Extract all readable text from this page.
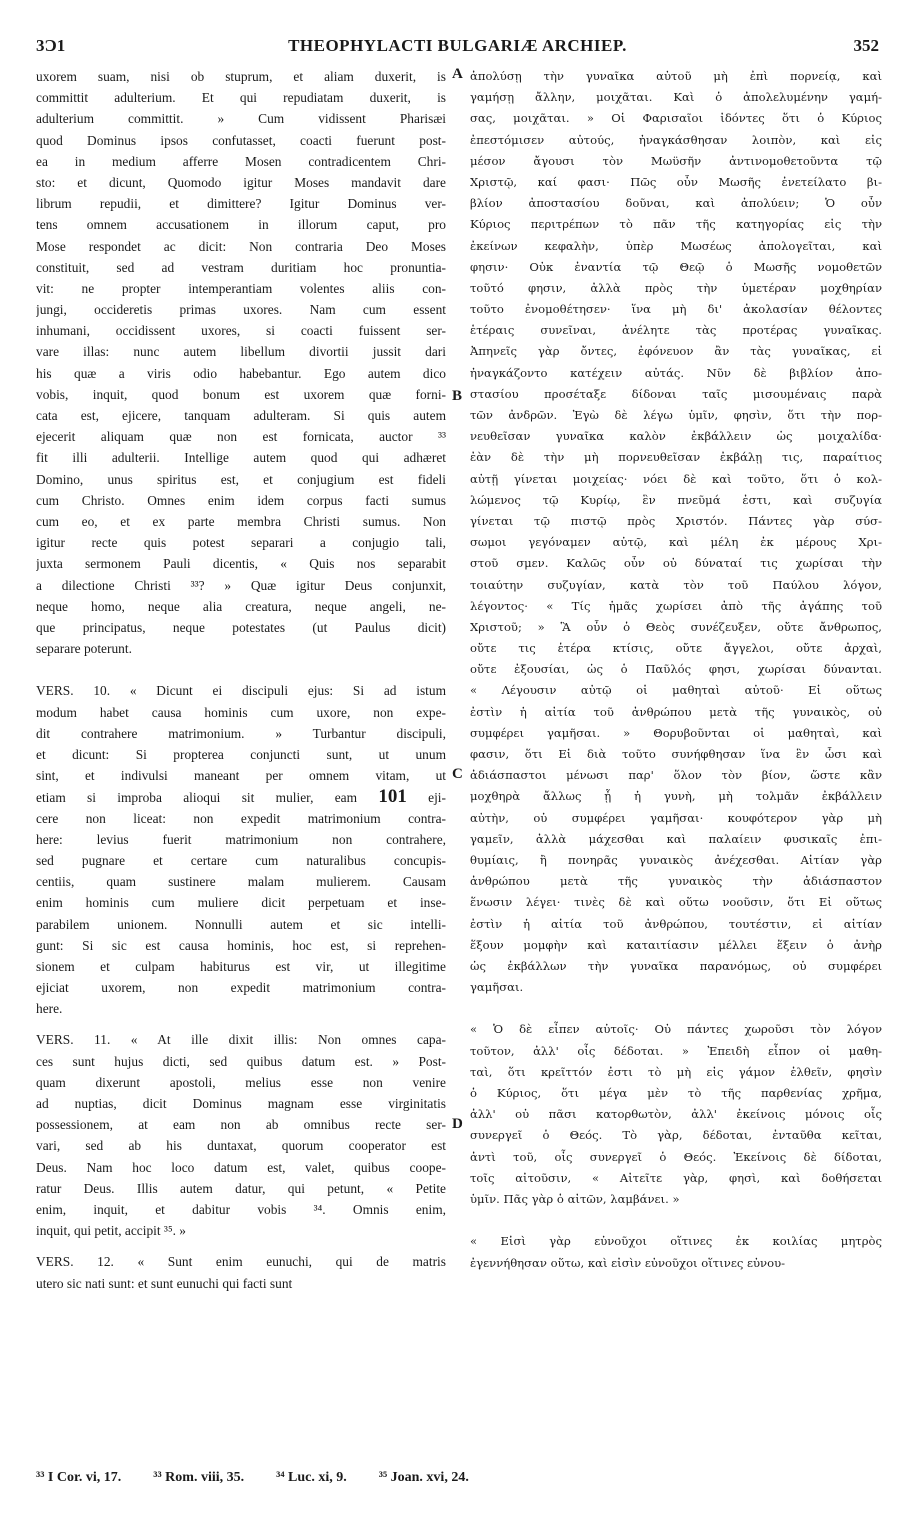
3Ɔ1	THEOPHYLACTI BULGARIÆ ARCHIEP.	352
uxorem suam, nisi ob stuprum, et aliam duxerit, is
committit adulterium. Et qui repudiatam duxerit, is
adulterium committit. » Cum vidissent Pharisæi
quod Dominus ipsos confutasset, coacti fuerunt post-
ea in medium afferre Mosen contradicentem Chri-
sto: et dicunt, Quomodo igitur Moses mandavit dare
librum repudii, et dimittere? Igitur Dominus ver-
tens omnem accusationem in illorum caput, pro
Mose respondet ac dicit: Non contraria Deo Moses
constituit, sed ad vestram duritiam hoc pronuntia-
vit: ne propter intemperantiam volentes aliis con-
jungi, occideretis primas uxores. Nam cum essent
inhumani, occidissent uxores, si coacti fuissent ser-
vare illas: nunc autem libellum divortii jussit dari
his quæ a viris odio habebantur. Ego autem dico
vobis, inquit, quod bonum est uxorem quæ forni-
cata est, ejicere, tanquam adulteram. Si quis autem
ejecerit aliquam quæ non est fornicata, auctor ³³
fit illi adulterii. Intellige autem quod qui adhæret
Domino, unus spiritus est, et conjugium est fideli
cum Christo. Omnes enim idem corpus facti sumus
cum eo, et ex parte membra Christi sumus. Non
igitur recte quis potest separari a conjugio tali,
juxta sermonem Pauli dicentis, « Quis nos separabit
a dilectione Christi ³³? » Quæ igitur Deus conjunxit,
neque homo, neque alia creatura, neque angeli, ne-
que principatus, neque potestates (ut Paulus dicit)
separare poterunt.
VERS. 10. « Dicunt ei discipuli ejus: Si ad istum
modum habet causa hominis cum uxore, non expe-
dit contrahere matrimonium. » Turbantur discipuli,
et dicunt: Si propterea conjuncti sunt, ut unum
sint, et indivulsi maneant per omnem vitam, ut
etiam si improba alioqui sit mulier, eam 101 eji-
cere non liceat: non expedit matrimonium contra-
here: levius fuerit matrimonium non contrahere,
sed pugnare et certare cum naturalibus concupis-
centiis, quam sustinere malam mulierem. Causam
enim hominis cum muliere dicit perpetuam et inse-
parabilem unionem. Nonnulli autem et sic intelli-
gunt: Si sic est causa hominis, hoc est, si reprehen-
sionem et culpam habiturus est vir, ut illegitime
ejiciat uxorem, non expedit matrimonium contra-
here.
VERS. 11. « At ille dixit illis: Non omnes capa-
ces sunt hujus dicti, sed quibus datum est. » Post-
quam dixerunt apostoli, melius esse non venire
ad nuptias, dicit Dominus magnam esse virginitatis
possessionem, at eam non ab omnibus recte ser-
vari, sed ab his duntaxat, quorum cooperator est
Deus. Nam hoc loco datum est, valet, quibus coope-
ratur Deus. Illis autem datur, qui petunt, « Petite
enim, inquit, et dabitur vobis ³⁴. Omnis enim,
inquit, qui petit, accipit ³⁵. »
VERS. 12. « Sunt enim eunuchi, qui de matris
utero sic nati sunt: et sunt eunuchi qui facti sunt
ἀπολύσῃ τὴν γυναῖκα αὐτοῦ μὴ ἐπὶ πορνείᾳ, καὶ
γαμήσῃ ἄλλην, μοιχᾶται. Καὶ ὁ ἀπολελυμένην γαμή-
σας, μοιχᾶται. » Οἱ Φαρισαῖοι ἰδόντες ὅτι ὁ Κύριος
ἐπεστόμισεν αὐτούς, ἠναγκάσθησαν λοιπὸν, καὶ εἰς
μέσον ἄγουσι τὸν Μωϋσῆν ἀντινομοθετοῦντα τῷ
Χριστῷ, καί φασι· Πῶς οὖν Μωσῆς ἐνετείλατο βι-
βλίον ἀποστασίου δοῦναι, καὶ ἀπολύειν; Ὁ οὖν
Κύριος περιτρέπων τὸ πᾶν τῆς κατηγορίας εἰς τὴν
ἐκείνων κεφαλὴν, ὑπὲρ Μωσέως ἀπολογεῖται, καὶ
φησιν· Οὐκ ἐναντία τῷ Θεῷ ὁ Μωσῆς νομοθετῶν
τοῦτό φησιν, ἀλλὰ πρὸς τὴν ὑμετέραν μοχθηρίαν
τοῦτο ἐνομοθέτησεν· ἵνα μὴ δι' ἀκολασίαν θέλοντες
ἑτέραις συνεῖναι, ἀνέλητε τὰς προτέρας γυναῖκας.
Ἀπηνεῖς γὰρ ὄντες, ἐφόνευον ἂν τὰς γυναῖκας, εἰ
ἠναγκάζοντο κατέχειν αὐτάς. Νῦν δὲ βιβλίον ἀπο-
στασίου προσέταξε δίδοναι ταῖς μισουμέναις παρὰ
τῶν ἀνδρῶν. Ἐγὼ δὲ λέγω ὑμῖν, φησὶν, ὅτι τὴν πορ-
νευθεῖσαν γυναῖκα καλὸν ἐκβάλλειν ὡς μοιχαλίδα·
ἐὰν δὲ τὴν μὴ πορνευθεῖσαν ἐκβάλῃ τις, παραίτιος
αὐτῇ γίνεται μοιχείας· νόει δὲ καὶ τοῦτο, ὅτι ὁ κολ-
λώμενος τῷ Κυρίῳ, ἓν πνεῦμά ἐστι, καὶ συζυγία
γίνεται τῷ πιστῷ πρὸς Χριστόν. Πάντες γὰρ σύσ-
σωμοι γεγόναμεν αὐτῷ, καὶ μέλη ἐκ μέρους Χρι-
στοῦ σμεν. Καλῶς οὖν οὐ δύναταί τις χωρίσαι τὴν
τοιαύτην συζυγίαν, κατὰ τὸν τοῦ Παύλου λόγον,
λέγοντος· « Τίς ἡμᾶς χωρίσει ἀπὸ τῆς ἀγάπης τοῦ
Χριστοῦ; » Ἃ οὖν ὁ Θεὸς συνέζευξεν, οὔτε ἄνθρωπος,
οὔτε τις ἑτέρα κτίσις, οὔτε ἄγγελοι, οὔτε ἀρχαὶ,
οὔτε ἐξουσίαι, ὡς ὁ Παῦλός φησι, χωρίσαι δύνανται.
« Λέγουσιν αὐτῷ οἱ μαθηταὶ αὐτοῦ· Εἰ οὕτως
ἐστὶν ἡ αἰτία τοῦ ἀνθρώπου μετὰ τῆς γυναικὸς, οὐ
συμφέρει γαμῆσαι. » Θορυβοῦνται οἱ μαθηταὶ, καὶ
φασιν, ὅτι Εἰ διὰ τοῦτο συνήφθησαν ἵνα ἓν ὦσι καὶ
ἀδιάσπαστοι μένωσι παρ' ὅλον τὸν βίον, ὥστε κἂν
μοχθηρὰ ἄλλως ᾖ ἡ γυνὴ, μὴ τολμᾶν ἐκβάλλειν
αὐτὴν, οὐ συμφέρει γαμῆσαι· κουφότερον γὰρ μὴ
γαμεῖν, ἀλλὰ μάχεσθαι καὶ παλαίειν φυσικαῖς ἐπι-
θυμίαις, ἢ πονηρᾶς γυναικὸς ἀνέχεσθαι. Αἰτίαν γὰρ
ἀνθρώπου μετὰ τῆς γυναικὸς τὴν ἀδιάσπαστον
ἕνωσιν λέγει· τινὲς δὲ καὶ οὕτω νοοῦσιν, ὅτι Εἰ οὕτως
ἐστὶν ἡ αἰτία τοῦ ἀνθρώπου, τουτέστιν, εἰ αἰτίαν
ἕξουν μομφὴν καὶ καταιτίασιν μέλλει ἕξειν ὁ ἀνὴρ
ὡς ἐκβάλλων τὴν γυναῖκα παρανόμως, οὐ συμφέρει
γαμῆσαι.
« Ὁ δὲ εἶπεν αὐτοῖς· Οὐ πάντες χωροῦσι τὸν λόγον
τοῦτον, ἀλλ' οἷς δέδοται. » Ἐπειδὴ εἶπον οἱ μαθη-
ταὶ, ὅτι κρεῖττόν ἐστι τὸ μὴ εἰς γάμον ἐλθεῖν, φησὶν
ὁ Κύριος, ὅτι μέγα μὲν τὸ τῆς παρθενίας χρῆμα,
ἀλλ' οὐ πᾶσι κατορθωτὸν, ἀλλ' ἐκείνοις μόνοις οἷς
συνεργεῖ ὁ Θεός. Τὸ γὰρ, δέδοται, ἐνταῦθα κεῖται,
ἀντὶ τοῦ, οἷς συνεργεῖ ὁ Θεός. Ἐκείνοις δὲ δίδοται,
τοῖς αἰτοῦσιν, « Αἰτεῖτε γὰρ, φησὶ, καὶ δοθήσεται
ὑμῖν. Πᾶς γὰρ ὁ αἰτῶν, λαμβάνει. »
« Εἰσὶ γὰρ εὐνοῦχοι οἵτινες ἐκ κοιλίας μητρὸς
ἐγεννήθησαν οὕτω, καὶ εἰσὶν εὐνοῦχοι οἵτινες εὐνου-
A
B
C
D
³³ I Cor. vi, 17. ³³ Rom. viii, 35. ³⁴ Luc. xi, 9. ³⁵ Joan. xvi, 24.
